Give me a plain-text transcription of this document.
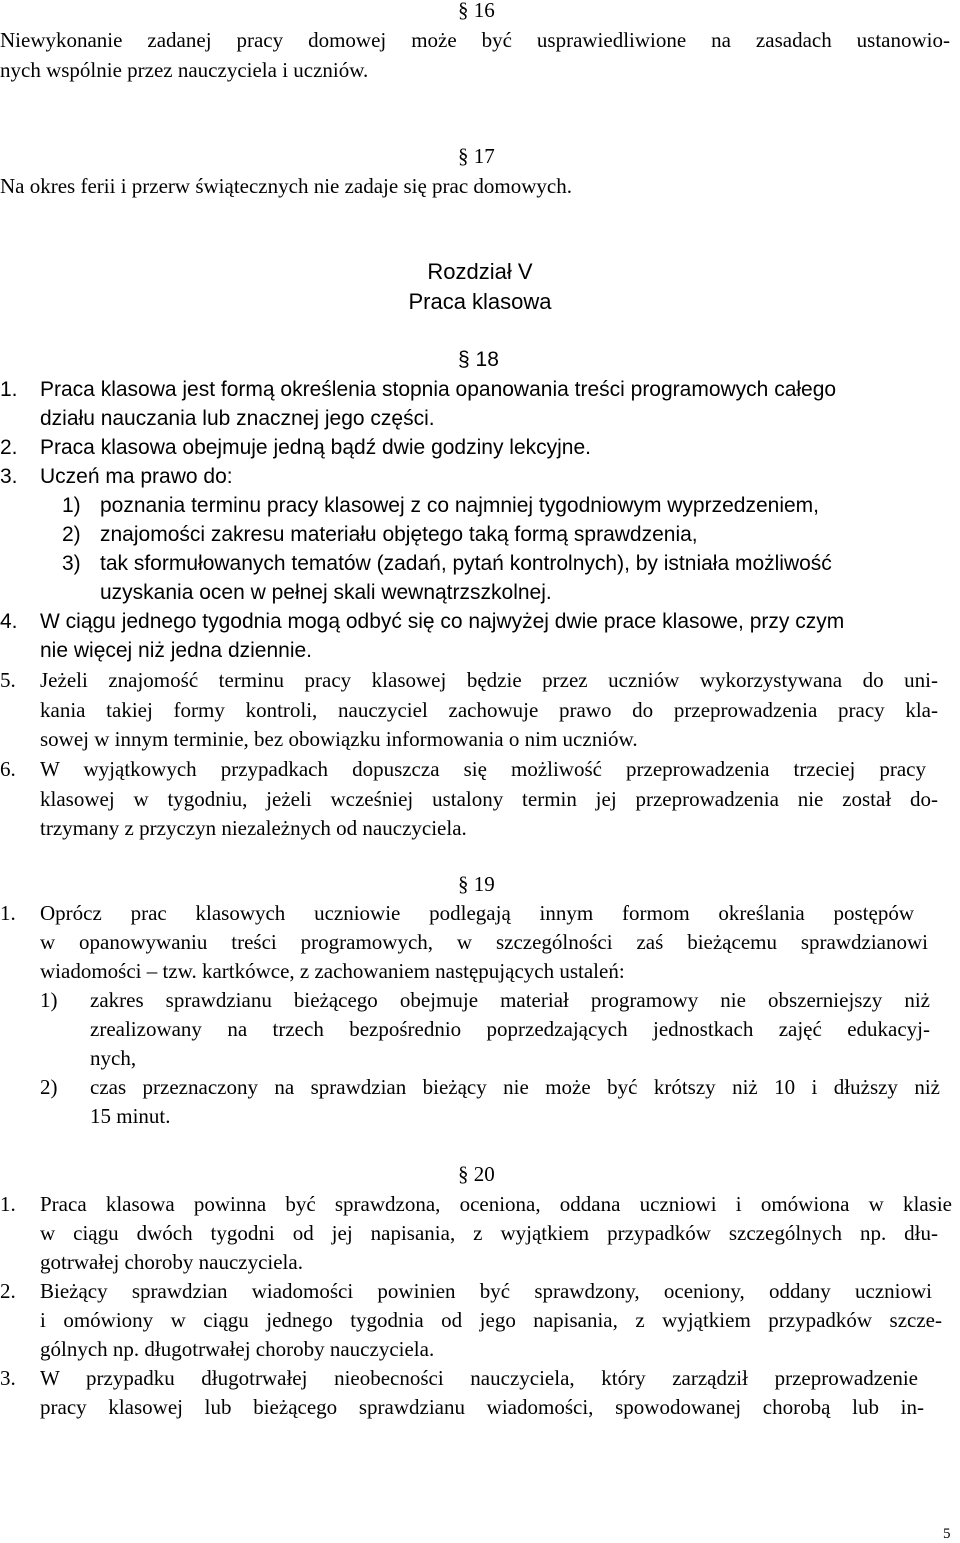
§ 16
Niewykonanie zadanej pracy domowej może być usprawiedliwione na zasadach ustanowio-
nych wspólnie przez nauczyciela i uczniów.
§ 17
Na okres ferii i przerw świątecznych nie zadaje się prac domowych.
Rozdział V
Praca klasowa
§ 18
1. Praca klasowa jest formą określenia stopnia opanowania treści programowych całego
działu nauczania lub znacznej jego części.
2. Praca klasowa obejmuje jedną bądź dwie godziny lekcyjne.
3. Uczeń ma prawo do:
1) poznania terminu pracy klasowej z co najmniej tygodniowym wyprzedzeniem,
2) znajomości zakresu materiału objętego taką formą sprawdzenia,
3) tak sformułowanych tematów (zadań, pytań kontrolnych), by istniała możliwość
uzyskania ocen w pełnej skali wewnątrzszkolnej.
4. W ciągu jednego tygodnia mogą odbyć się co najwyżej dwie prace klasowe, przy czym
nie więcej niż jedna dziennie.
5. Jeżeli znajomość terminu pracy klasowej będzie przez uczniów wykorzystywana do uni-
kania takiej formy kontroli, nauczyciel zachowuje prawo do przeprowadzenia pracy kla-
sowej w innym terminie, bez obowiązku informowania o nim uczniów.
6. W wyjątkowych przypadkach dopuszcza się możliwość przeprowadzenia trzeciej pracy
klasowej w tygodniu, jeżeli wcześniej ustalony termin jej przeprowadzenia nie został do-
trzymany z przyczyn niezależnych od nauczyciela.
§ 19
1. Oprócz prac klasowych uczniowie podlegają innym formom określania postępów
w opanowywaniu treści programowych, w szczególności zaś bieżącemu sprawdzianowi
wiadomości – tzw. kartkówce, z zachowaniem następujących ustaleń:
1) zakres sprawdzianu bieżącego obejmuje materiał programowy nie obszerniejszy niż
zrealizowany na trzech bezpośrednio poprzedzających jednostkach zajęć edukacyj-
nych,
2) czas przeznaczony na sprawdzian bieżący nie może być krótszy niż 10 i dłuższy niż
15 minut.
§ 20
1. Praca klasowa powinna być sprawdzona, oceniona, oddana uczniowi i omówiona w klasie
w ciągu dwóch tygodni od jej napisania, z wyjątkiem przypadków szczególnych np. dłu-
gotrwałej choroby nauczyciela.
2. Bieżący sprawdzian wiadomości powinien być sprawdzony, oceniony, oddany uczniowi
i omówiony w ciągu jednego tygodnia od jego napisania, z wyjątkiem przypadków szcze-
gólnych np. długotrwałej choroby nauczyciela.
3. W przypadku długotrwałej nieobecności nauczyciela, który zarządził przeprowadzenie
pracy klasowej lub bieżącego sprawdzianu wiadomości, spowodowanej chorobą lub in-
5
